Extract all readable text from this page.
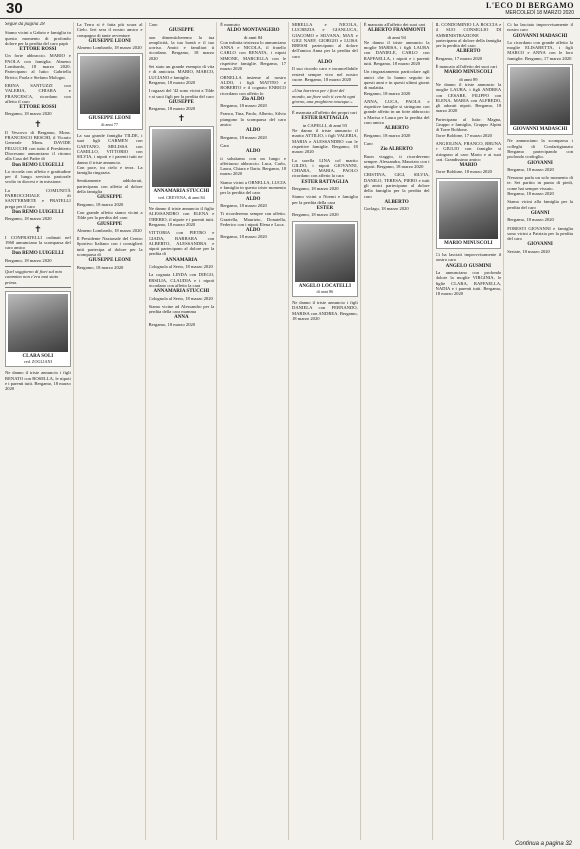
30	L'ECO DI BERGAMO
MERCOLEDÌ 18 MARZO 2020
Segue da pagina 28

Siamo vicini a Gabrio e famiglia in questo momento di profondo dolore per la perdita del caro papà

ETTORE ROSSI

Un forte abbraccio. MARIO e PAOLA con famiglia. Almeno Lombardo, 18 marzo 2020. Partecipano al lutto: Gabriella Brivio; Paola e Stefano Mologni.

ERINA SANTUZZI con VALERIA, CHIARA e FRANCESCA, ricordano con affetto il caro

ETTORE ROSSI

Bergamo, 18 marzo 2020

✝

Il Vescovo di Bergamo, Mons. FRANCESCO BESCHI, il Vicario Generale Mons. DAVIDE PELUCCHI con tutto il Presbiterio Diocesano annunciano il ritorno alla Casa del Padre di

Don REMO LUIGELLI

Lo ricorda con affetto e gratitudine per il lungo servizio pastorale svolto in diocesi e in missione.

La COMUNITÀ PARROCCHIALE di SANT'ERMETE e FRATELLI prega per il caro

Don REMO LUIGELLI

Bergamo, 18 marzo 2020

✝

I CONFRATELLI ordinati nel 1960 annunciano la scomparsa del caro amico

Don REMO LUIGELLI

Bergamo, 18 marzo 2020

Quel soggiorno di fiori sul mio cammino non c'era mai stato prima.
CLARA SOLI
ved. ZOGLIANI
Ne danno il triste annuncio i figli RENATO con ROSELLA, le nipoti e i parenti tutti. Bergamo, 18 marzo 2020

La Terra si è fatta più scura al Cielo. Ieri sera il nostro amico e compagno di tante avventure

GIUSEPPE LEONI

Almeno Lombardo, 18 marzo 2020

GIUSEPPE LEONI
di anni 77

La sua grande famiglia TILDE, i suoi figli CARMEN con GAETANO, MELISSA con CAMILLO, VITTORIO con SILVIA, i nipoti e i parenti tutti ne danno il triste annuncio.

Con pace, tra cielo e terra. La famiglia ringrazia.

Sentitamente addolorati, partecipano con affetto al dolore della famiglia

GIUSEPPE

Bergamo, 18 marzo 2020

Con grande affetto siamo vicini a Tilde per la perdita del caro

GIUSEPPE

Almeno Lombardo, 18 marzo 2020

Il Presidente Nazionale del Centro Sportivo Italiano con i consiglieri tutti partecipa al dolore per la scomparsa di

GIUSEPPE LEONI

Bergamo, 18 marzo 2020

Caro

GIUSEPPE

non dimenticheremo la tua semplicità, la tua bontà e il tuo sorriso. Amici e familiari ti ricordano. Bergamo, 18 marzo 2020

Sei stato un grande esempio di vita e di amicizia. MARIO, MARCO, LUCIANO e famiglie.

Bergamo, 18 marzo 2020

I ragazzi del '42 sono vicini a Tilde e ai suoi figli per la perdita del caro

GIUSEPPE

Bergamo, 18 marzo 2020

✝
ANNAMARIA STUCCHI
ved. CREVENA, di anni 84
Ne danno il triste annuncio il figlio ALESSANDRO con ELENA e TIBERIO, il nipote e i parenti tutti. Bergamo, 18 marzo 2020

VITTORIA con PIETRO e GIADA, BARBARA con ALBERTO, ALESSANDRA e nipoti partecipano al dolore per la perdita di

ANNAMARIA

Colognola al Serio, 18 marzo 2020

La cognata LINDA con DIEGO, ERSILIA, CLAUDIA e i nipoti ricordano con affetto la cara

ANNAMARIA STUCCHI

Colognola al Serio, 18 marzo 2020

Siamo vicine ad Alessandro per la perdita della cara mamma

ANNA

Bergamo, 18 marzo 2020

È mancato

ALDO MONTANGERO
di anni 84

Con infinita tristezza lo annunciano ANNA e NICOLA, il fratello CARLO con RENATA, i nipoti SIMONE, MARCELLA con le rispettive famiglie. Bergamo, 17 marzo 2020

ORNELLA insieme al nostro ALDO, i figli MATTEO e ROBERTO e il cognato ENRICO ricordano con affetto lo

Zio ALDO

Bergamo, 18 marzo 2020

Franca, Tina, Paolo, Alberto, Silvio piangono la scomparsa del caro amico

ALDO

Bergamo, 18 marzo 2020

Caro

ALDO

ti salutiamo con un lungo e affettuoso abbraccio. Luca, Carlo, Laura, Chiara e Ilaria. Bergamo, 18 marzo 2020

Siamo vicini a ORNELLA, LUCIA e famiglia in questo triste momento per la perdita del caro

ALDO

Bergamo, 18 marzo 2020

Ti ricorderemo sempre con affetto. Graziella, Maurizio, Donatella, Federico con i nipoti Elena e Luca.

ALDO

Bergamo, 18 marzo 2020

MIRELLA e NICOLA, LUCREZIA e GIANLUCA, GIACOMO e SILVANA, MAX e GIGI NAEF, GIORGIO e LUISA BRESSI partecipano al dolore dell'amica Anna per la perdita del caro

ALDO

Il suo ricordo caro e incancellabile resterà sempre vivo nel nostro cuore. Bergamo, 18 marzo 2020

«Una barriera per i fiori del mondo, un fiore solo ti cerchi ogni giorno, una preghiera ovunque.»

È mancata all'affetto dei propri cari

ESTER BATTAGLIA
in CAPELLI, di anni 93

Ne danno il triste annuncio il marito ATTILIO, i figli VALERIA, MARIA e ALESSANDRO con le rispettive famiglie. Bergamo, 18 marzo 2020

La sorella LINA col marito GILDO, i nipoti GIOVANNI, CHIARA, MARIA, PAOLO ricordano con affetto la cara

ESTER BATTAGLIA

Bergamo, 18 marzo 2020

Siamo vicini a Noemi e famiglia per la perdita della cara

ESTER

Bergamo, 18 marzo 2020

ANGELO LOCATELLI
di anni 86
Ne danno il triste annuncio i figli DANIELA con FERNANDO, MARISA con ANDREA. Bergamo, 18 marzo 2020

È mancato all'affetto dei suoi cari

ALBERTO FRAMMONTI
di anni 94

Ne danno il triste annuncio la moglie MARISA, i figli LAURA con DANIELE, CARLO con RAFFAELLA, i nipoti e i parenti tutti. Bergamo, 18 marzo 2020

Un ringraziamento particolare agli amici che lo hanno seguito in questi anni e in questi ultimi giorni di malattia.

Bergamo, 18 marzo 2020

ANNA, LUCA, PAOLA e rispettive famiglie si stringono con grande affetto in un forte abbraccio a Marisa e Laura per la perdita del caro amico

ALBERTO

Bergamo, 18 marzo 2020

Caro

Zio ALBERTO

Buon viaggio, ti ricorderemo sempre. Alessandra, Maurizio con i nipoti. Bergamo, 18 marzo 2020

CRISTINA, GIGI, SILVIA, DANILO, TERESA, PIERO e tutti gli amici partecipano al dolore della famiglia per la perdita del caro

ALBERTO

Gorlago, 18 marzo 2020

IL CONDOMINIO LA ROCCIA e il SUO CONSIGLIO DI AMMINISTRAZIONE partecipano al dolore della famiglia per la perdita del caro

ALBERTO

Bergamo, 17 marzo 2020

È mancato all'affetto dei suoi cari

MARIO MINUSCOLI
di anni 89

Ne danno il triste annuncio la moglie LAURA, i figli ANDREA con CESARE, FILIPPO con ELENA, MARIA con ALFREDO, gli adorati nipoti. Bergamo, 18 marzo 2020

Partecipano al lutto: Magna, Gruppo e famiglia, Gruppo Alpini di Torre Boldone.

Torre Boldone, 17 marzo 2020

ANGIOLINA, FRANCO, BRUNA e GIULIO con famiglie si stringono al caro Mario e ai suoi cari. Grandissimo amico

MARIO

Torre Boldone, 18 marzo 2020

MARIO MINUSCOLI

Ci ha lasciati improvvisamente il nostro caro

ANGELO GUSMINI

La annunciano con profondo dolore la moglie VIRGINIA, le figlie CLARA, RAFFAELLA, NADIA e i parenti tutti. Bergamo, 18 marzo 2020

Ci ha lasciato improvvisamente il nostro caro

GIOVANNI MADASCHI

Lo ricordano con grande affetto la moglie ELISABETTA, i figli MARCO e ANNA con le loro famiglie. Bergamo, 17 marzo 2020

GIOVANNI MADASCHI

Ne annunciano la scomparsa i colleghi di Confartigianato Bergamo partecipando con profondo cordoglio.

GIOVANNI

Bergamo, 18 marzo 2020

Nessuno parla un solo momento di te. Sei partito in punta di piedi, come hai sempre vissuto.

Bergamo, 18 marzo 2020

Siamo vicini alla famiglia per la perdita del caro

GIANNI

Bergamo, 18 marzo 2020

FORESTI GIOVANNI e famiglia sono vicini a Patrizia per la perdita del caro

GIOVANNI

Seriate, 18 marzo 2020

Continua a pagina 32
